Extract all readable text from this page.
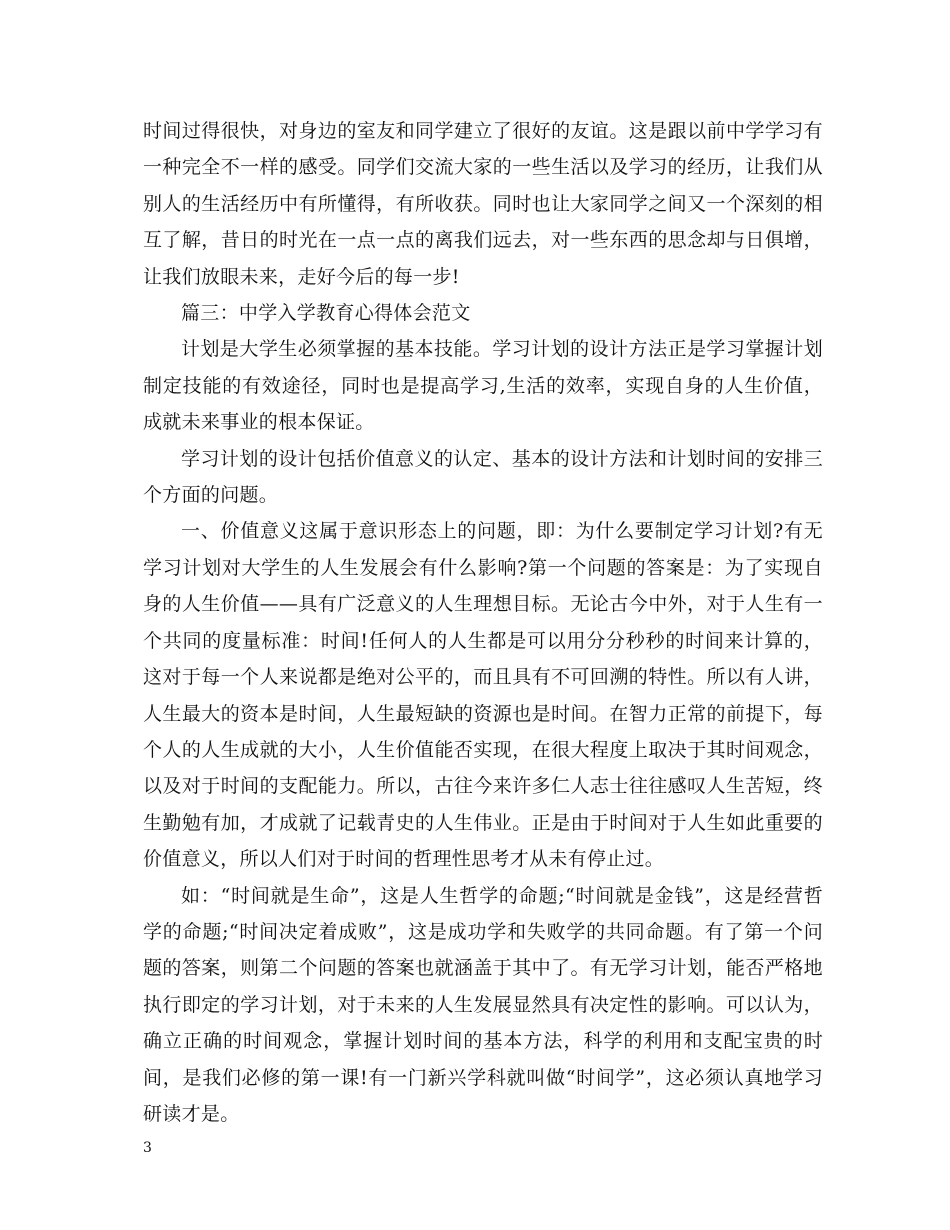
时间过得很快，对身边的室友和同学建立了很好的友谊。这是跟以前中学学习有一种完全不一样的感受。同学们交流大家的一些生活以及学习的经历，让我们从别人的生活经历中有所懂得，有所收获。同时也让大家同学之间又一个深刻的相互了解，昔日的时光在一点一点的离我们远去，对一些东西的思念却与日俱增，让我们放眼未来，走好今后的每一步!

篇三：中学入学教育心得体会范文

计划是大学生必须掌握的基本技能。学习计划的设计方法正是学习掌握计划制定技能的有效途径，同时也是提高学习,生活的效率，实现自身的人生价值，成就未来事业的根本保证。

学习计划的设计包括价值意义的认定、基本的设计方法和计划时间的安排三个方面的问题。

一、价值意义这属于意识形态上的问题，即：为什么要制定学习计划?有无学习计划对大学生的人生发展会有什么影响?第一个问题的答案是：为了实现自身的人生价值——具有广泛意义的人生理想目标。无论古今中外，对于人生有一个共同的度量标准：时间!任何人的人生都是可以用分分秒秒的时间来计算的，这对于每一个人来说都是绝对公平的，而且具有不可回溯的特性。所以有人讲，人生最大的资本是时间，人生最短缺的资源也是时间。在智力正常的前提下，每个人的人生成就的大小，人生价值能否实现，在很大程度上取决于其时间观念，以及对于时间的支配能力。所以，古往今来许多仁人志士往往感叹人生苦短，终生勤勉有加，才成就了记载青史的人生伟业。正是由于时间对于人生如此重要的价值意义，所以人们对于时间的哲理性思考才从未有停止过。

如：“时间就是生命”，这是人生哲学的命题;“时间就是金钱”，这是经营哲学的命题;“时间决定着成败”，这是成功学和失败学的共同命题。有了第一个问题的答案，则第二个问题的答案也就涵盖于其中了。有无学习计划，能否严格地执行即定的学习计划，对于未来的人生发展显然具有决定性的影响。可以认为，确立正确的时间观念，掌握计划时间的基本方法，科学的利用和支配宝贵的时间，是我们必修的第一课!有一门新兴学科就叫做“时间学”，这必须认真地学习研读才是。

3
